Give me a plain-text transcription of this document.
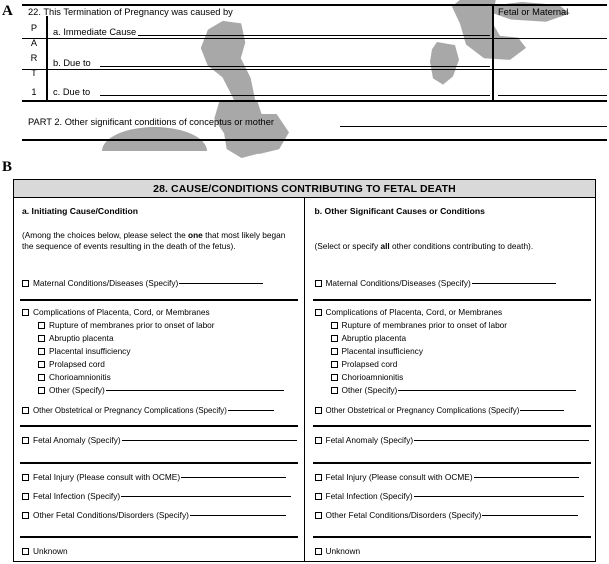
A 22. This Termination of Pregnancy was caused by	Fetal or Maternal
P
A
R
T
1
a. Immediate Cause
b. Due to
c. Due to
PART 2. Other significant conditions of conceptus or mother
B
28. CAUSE/CONDITIONS CONTRIBUTING TO FETAL DEATH
a. Initiating Cause/Condition
(Among the choices below, please select the one that most likely began the sequence of events resulting in the death of the fetus).
Maternal Conditions/Diseases (Specify)
Complications of Placenta, Cord, or Membranes
Rupture of membranes prior to onset of labor
Abruptio placenta
Placental insufficiency
Prolapsed cord
Chorioamnionitis
Other (Specify)
Other Obstetrical or Pregnancy Complications (Specify)
Fetal Anomaly (Specify)
Fetal Injury (Please consult with OCME)
Fetal Infection (Specify)
Other Fetal Conditions/Disorders (Specify)
Unknown
b. Other Significant Causes or Conditions
(Select or specify all other conditions contributing to death).
Maternal Conditions/Diseases (Specify)
Complications of Placenta, Cord, or Membranes
Rupture of membranes prior to onset of labor
Abruptio placenta
Placental insufficiency
Prolapsed cord
Chorioamnionitis
Other (Specify)
Other Obstetrical or Pregnancy Complications (Specify)
Fetal Anomaly (Specify)
Fetal Injury (Please consult with OCME)
Fetal Infection (Specify)
Other Fetal Conditions/Disorders (Specify)
Unknown
